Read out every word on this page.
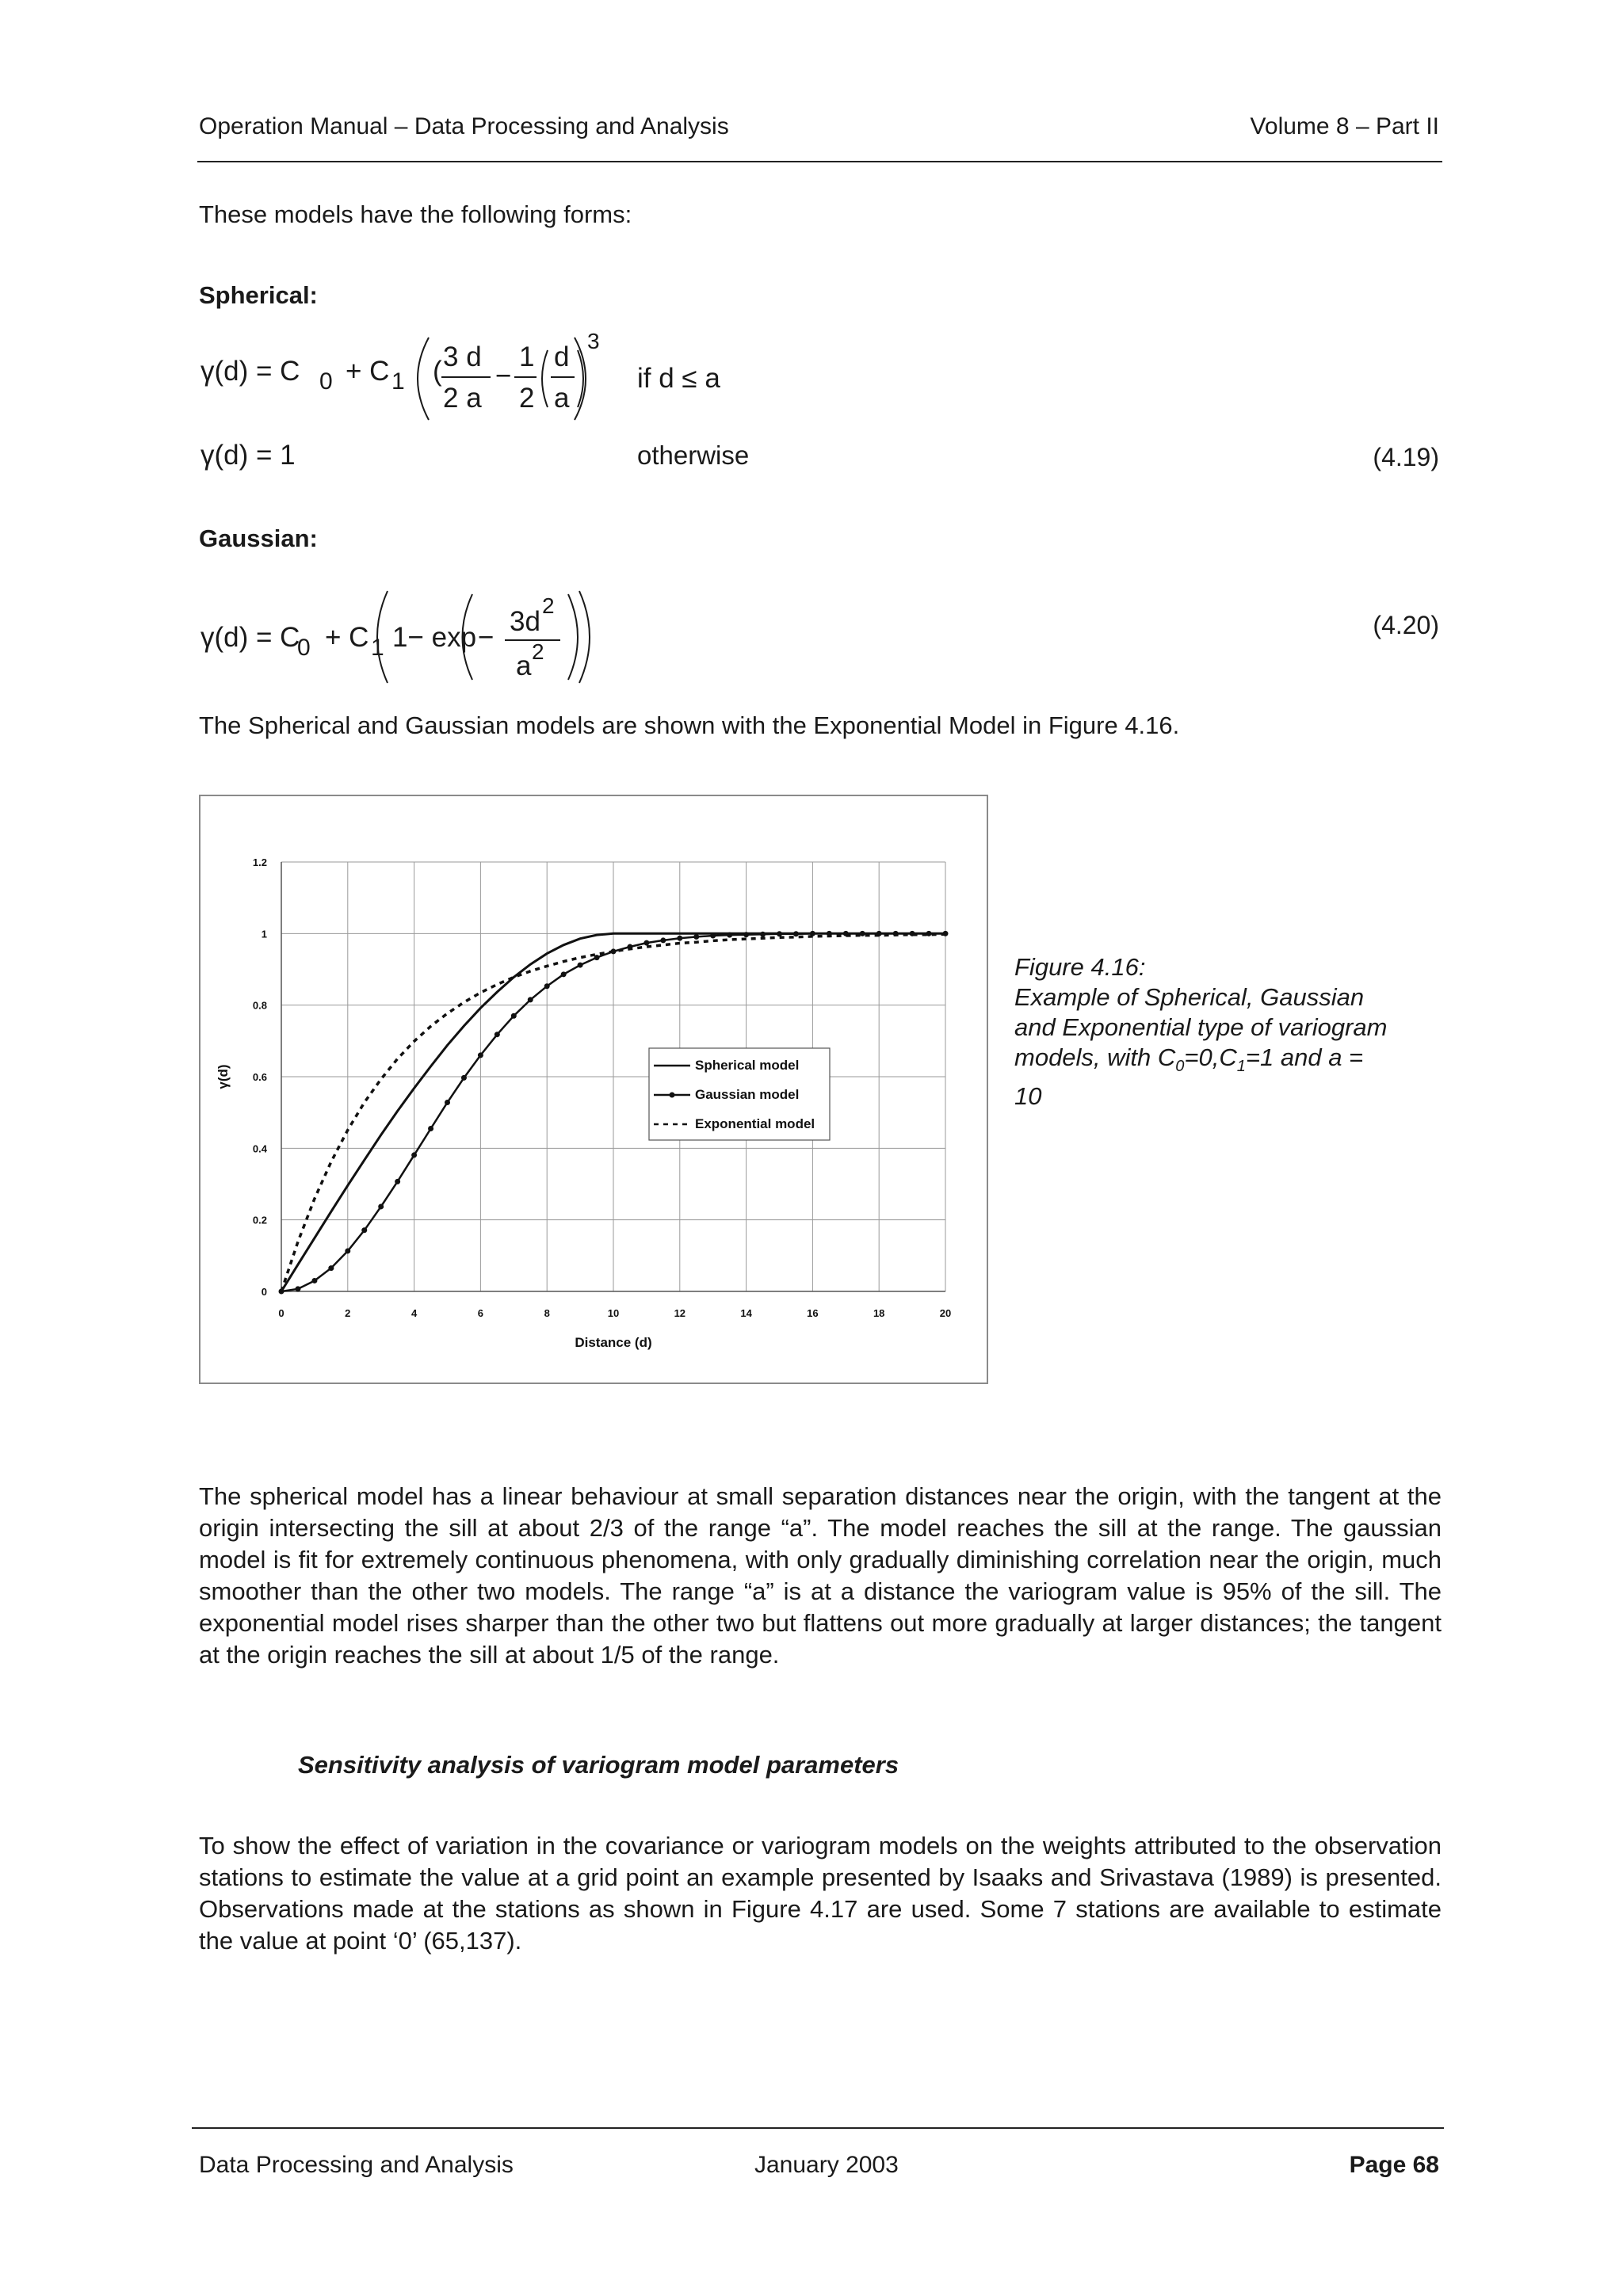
Operation Manual – Data Processing and Analysis	Volume 8 – Part II
These models have the following forms:
Spherical:
γ(d) = C 0 + C 1 ( 3 d
2 a
−
1
2
d
a
3
if d ≤ a
γ(d) = 1	otherwise	(4.19)
Gaussian:
γ(d) = C
0 + C 1 1− exp −
3d
2
a 2
(4.20)
The Spherical and Gaussian models are shown with the Exponential Model in Figure 4.16.
0	2	4	6	8	10	12	14	16	18	20
0
0.2
0.4
0.6
0.8
1
1.2
Distance (d)
γ(d)	Spherical model
Gaussian model
Exponential model
Figure 4.16:
Example of Spherical, Gaussian
and Exponential type of variogram
models, with $C_0=0,C_1=1$ and a =
10
The spherical model has a linear behaviour at small separation distances near the origin, with the tangent at the origin intersecting the sill at about 2/3 of the range “a”. The model reaches the sill at the range. The gaussian model is fit for extremely continuous phenomena, with only gradually diminishing correlation near the origin, much smoother than the other two models. The range “a” is at a distance the variogram value is 95% of the sill. The exponential model rises sharper than the other two but flattens out more gradually at larger distances; the tangent at the origin reaches the sill at about 1/5 of the range.
Sensitivity analysis of variogram model parameters
To show the effect of variation in the covariance or variogram models on the weights attributed to the observation stations to estimate the value at a grid point an example presented by Isaaks and Srivastava (1989) is presented. Observations made at the stations as shown in Figure 4.17 are used. Some 7 stations are available to estimate the value at point ‘0’ (65,137).
Data Processing and Analysis	January 2003	Page 68
